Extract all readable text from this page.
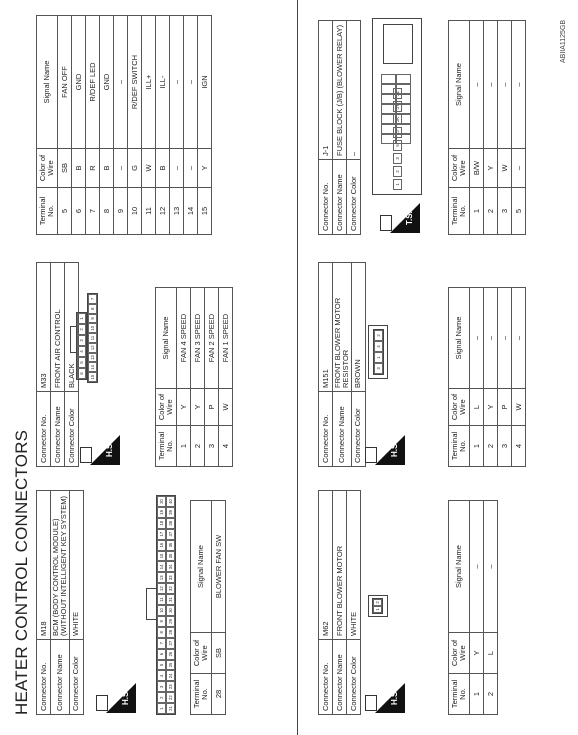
HEATER CONTROL CONNECTORS Connector No.	M18
Connector Name	BCM (BODY CONTROL MODULE) (WITHOUT INTELLIGENT KEY SYSTEM)
Connector Color	WHITE
H.S.
1
2
3
4
5
6
7
8
9
10
11
12
13
14
15
16
17
18
19
20
21
22
23
24
25
26
27
28
29
30
31
32
33
34
35
36
37
38
39
40
Terminal No.	Color of Wire	Signal Name
28	SB	BLOWER FAN SW
Connector No.	M33
Connector Name	FRONT AIR CONTROL
Connector Color	BLACK
H.S.
6
5
4
3
2
1
15
14
13
12
11
10
9
8
7
Terminal No.	Color of Wire	Signal Name
1	Y	FAN 4 SPEED
2	Y	FAN 3 SPEED
3	P	FAN 2 SPEED
4	W	FAN 1 SPEED
Terminal No.	Color of Wire	Signal Name
5	SB	FAN OFF
6	B	GND
7	R	R/DEF LED
8	B	GND
9	–	–
10	G	R/DEF SWITCH
11	W	ILL+
12	B	ILL-
13	–	–
14	–	–
15	Y	IGN
Connector No.	M62
Connector Name	FRONT BLOWER MOTOR
Connector Color	WHITE
H.S.
1
2
Terminal No.	Color of Wire	Signal Name
1	Y	–
2	L	–
Connector No.	M151
Connector Name	FRONT BLOWER MOTOR RESISTOR
Connector Color	BROWN
H.S.
3
1
4
2
Terminal No.	Color of Wire	Signal Name
1	L	–
2	Y	–
3	P	–
4	W	–
Connector No.	J-1
Connector Name	FUSE BLOCK (J/B) (BLOWER RELAY)
Connector Color	–
T.S.
1
2
3
5
2J
2K
2Y
2Z
Terminal No.	Color of Wire	Signal Name
1	B/W	–
2	Y	–
3	W	–
5	–	–
ABIIA1125GB
